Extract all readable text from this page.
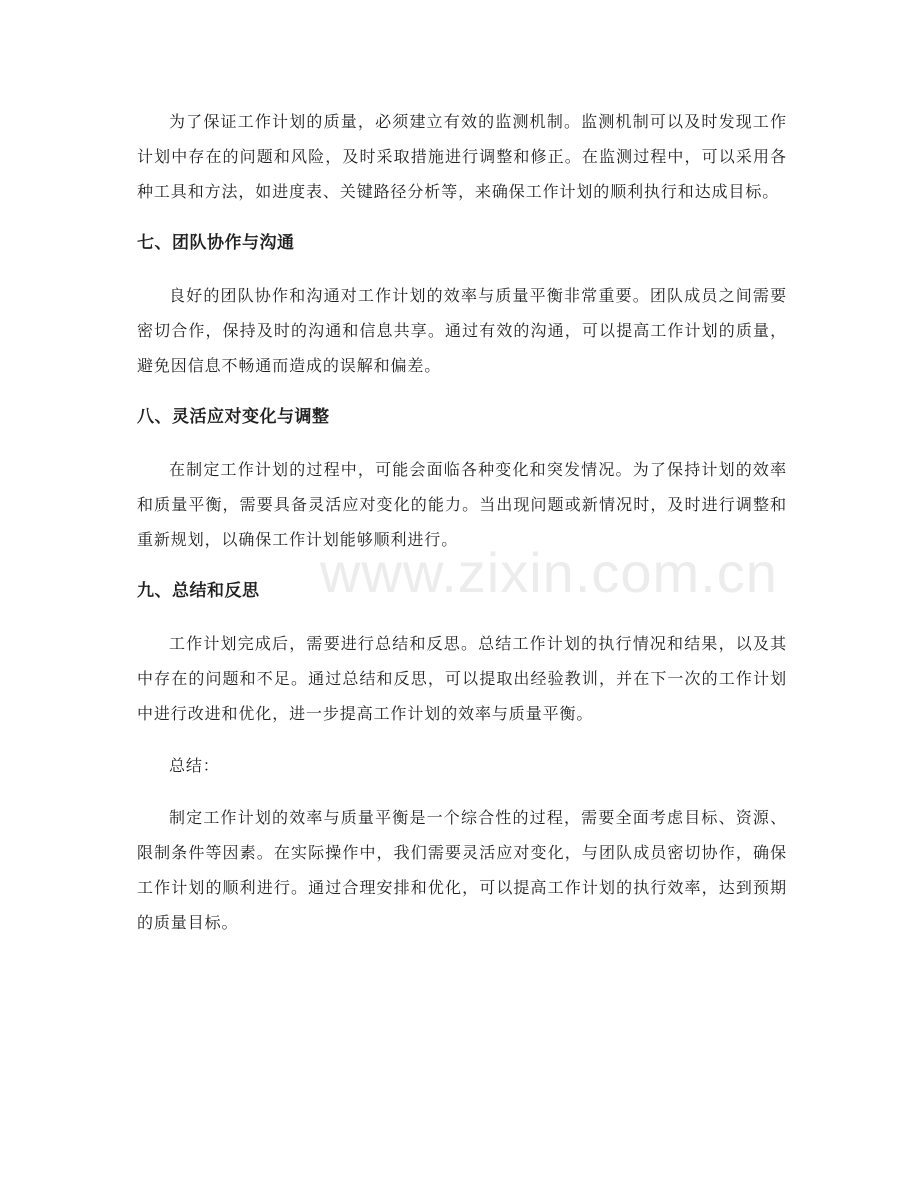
为了保证工作计划的质量，必须建立有效的监测机制。监测机制可以及时发现工作计划中存在的问题和风险，及时采取措施进行调整和修正。在监测过程中，可以采用各种工具和方法，如进度表、关键路径分析等，来确保工作计划的顺利执行和达成目标。

七、团队协作与沟通

良好的团队协作和沟通对工作计划的效率与质量平衡非常重要。团队成员之间需要密切合作，保持及时的沟通和信息共享。通过有效的沟通，可以提高工作计划的质量，避免因信息不畅通而造成的误解和偏差。

八、灵活应对变化与调整

在制定工作计划的过程中，可能会面临各种变化和突发情况。为了保持计划的效率和质量平衡，需要具备灵活应对变化的能力。当出现问题或新情况时，及时进行调整和重新规划，以确保工作计划能够顺利进行。

九、总结和反思

工作计划完成后，需要进行总结和反思。总结工作计划的执行情况和结果，以及其中存在的问题和不足。通过总结和反思，可以提取出经验教训，并在下一次的工作计划中进行改进和优化，进一步提高工作计划的效率与质量平衡。

总结：

制定工作计划的效率与质量平衡是一个综合性的过程，需要全面考虑目标、资源、限制条件等因素。在实际操作中，我们需要灵活应对变化，与团队成员密切协作，确保工作计划的顺利进行。通过合理安排和优化，可以提高工作计划的执行效率，达到预期的质量目标。

www.zixin.com.cn
